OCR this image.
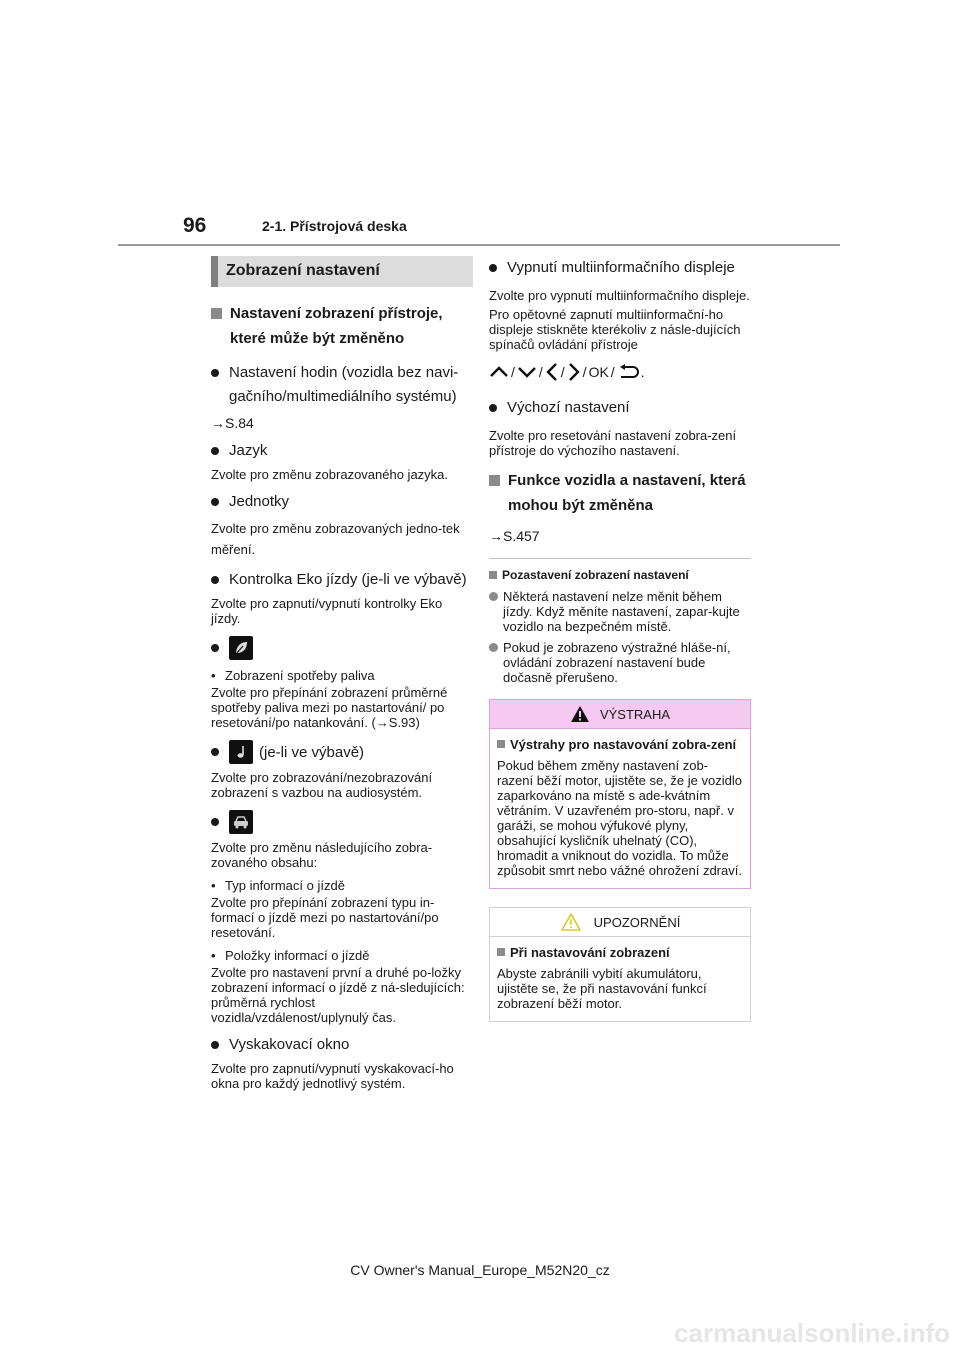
96	2-1. Přístrojová deska
Zobrazení nastavení
Nastavení zobrazení přístroje, které může být změněno
Nastavení hodin (vozidla bez navi-gačního/multimediálního systému)
→S.84
Jazyk
Zvolte pro změnu zobrazovaného jazyka.
Jednotky
Zvolte pro změnu zobrazovaných jedno-tek měření.
Kontrolka Eko jízdy (je-li ve výbavě)
Zvolte pro zapnutí/vypnutí kontrolky Eko jízdy.
• Zobrazení spotřeby paliva
Zvolte pro přepínání zobrazení průměrné spotřeby paliva mezi po nastartování/ po resetování/po natankování. (→S.93)
(je-li ve výbavě)
Zvolte pro zobrazování/nezobrazování zobrazení s vazbou na audiosystém.
Zvolte pro změnu následujícího zobra-zovaného obsahu:
• Typ informací o jízdě
Zvolte pro přepínání zobrazení typu in-formací o jízdě mezi po nastartování/po resetování.
• Položky informací o jízdě
Zvolte pro nastavení první a druhé po-ložky zobrazení informací o jízdě z ná-sledujících: průměrná rychlost vozidla/vzdálenost/uplynulý čas.
Vyskakovací okno
Zvolte pro zapnutí/vypnutí vyskakovací-ho okna pro každý jednotlivý systém.
Vypnutí multiinformačního displeje
Zvolte pro vypnutí multiinformačního displeje.
Pro opětovné zapnutí multiinformační-ho displeje stiskněte kterékoliv z násle-dujících spínačů ovládání přístroje
/ / / / OK / .
Výchozí nastavení
Zvolte pro resetování nastavení zobra-zení přístroje do výchozího nastavení.
Funkce vozidla a nastavení, která mohou být změněna
→S.457
Pozastavení zobrazení nastavení
Některá nastavení nelze měnit během jízdy. Když měníte nastavení, zapar-kujte vozidlo na bezpečném místě.
Pokud je zobrazeno výstražné hláše-ní, ovládání zobrazení nastavení bude dočasně přerušeno.
VÝSTRAHA
Výstrahy pro nastavování zobra-zení
Pokud během změny nastavení zob-razení běží motor, ujistěte se, že je vozidlo zaparkováno na místě s ade-kvátním větráním. V uzavřeném pro-storu, např. v garáži, se mohou výfukové plyny, obsahující kysličník uhelnatý (CO), hromadit a vniknout do vozidla. To může způsobit smrt nebo vážné ohrožení zdraví.
UPOZORNĚNÍ
Při nastavování zobrazení
Abyste zabránili vybití akumulátoru, ujistěte se, že při nastavování funkcí zobrazení běží motor.
CV Owner's Manual_Europe_M52N20_cz
carmanualsonline.info
